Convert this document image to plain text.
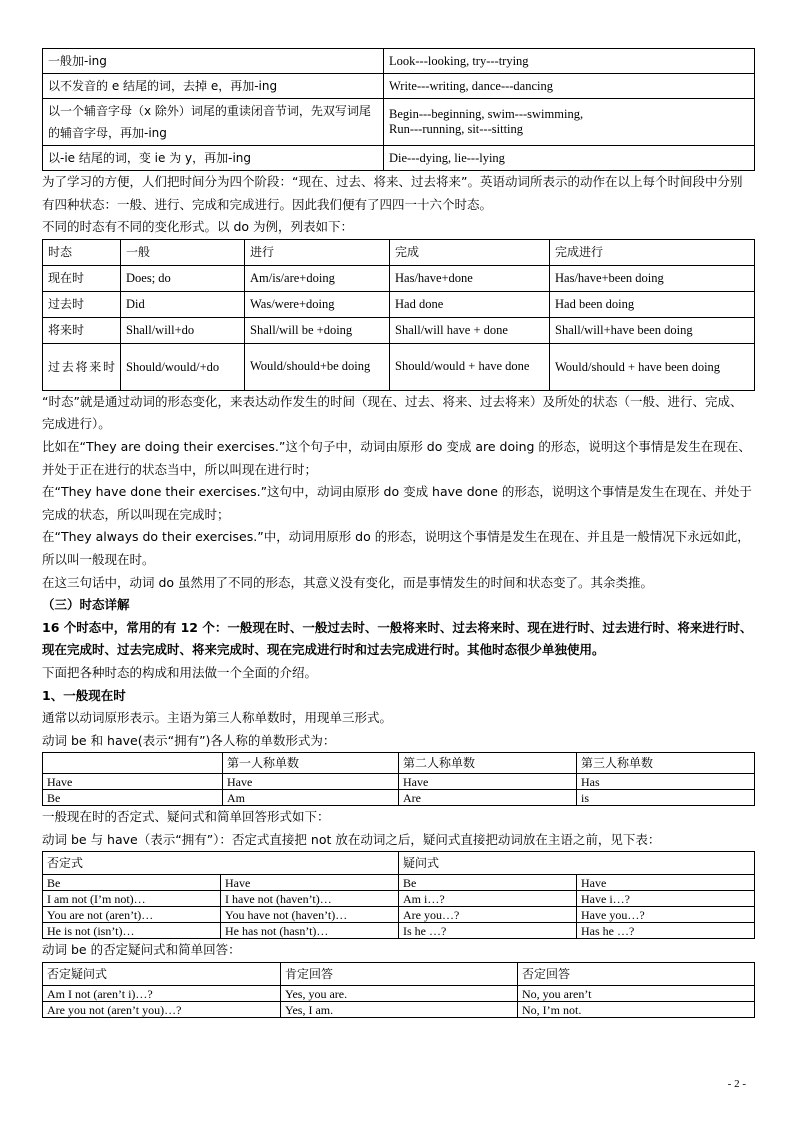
一般加-ing	Look---looking, try---trying
以不发音的 e 结尾的词，去掉 e，再加-ing	Write---writing, dance---dancing
以一个辅音字母（x 除外）词尾的重读闭音节词，先双写词尾的辅音字母，再加-ing	Begin---beginning, swim---swimming,
Run---running, sit---sitting

以-ie 结尾的词，变 ie 为 y，再加-ing	Die---dying, lie---lying

为了学习的方便，人们把时间分为四个阶段：“现在、过去、将来、过去将来”。英语动词所表示的动作在以上每个时间段中分别有四种状态：一般、进行、完成和完成进行。因此我们便有了四四一十六个时态。

不同的时态有不同的变化形式。以 do 为例，列表如下：

时态	一般	进行	完成	完成进行
现在时	Does; do	Am/is/are+doing	Has/have+done	Has/have+been doing
过去时	Did	Was/were+doing	Had done	Had been doing
将来时	Shall/will+do	Shall/will be +doing	Shall/will have + done	Shall/will+have been doing
过去将来时	Should/would/+do	Would/should+be doing	Should/would + have done	Would/should + have been doing

“时态”就是通过动词的形态变化，来表达动作发生的时间（现在、过去、将来、过去将来）及所处的状态（一般、进行、完成、完成进行）。

比如在“They are doing their exercises.”这个句子中，动词由原形 do 变成 are doing 的形态，说明这个事情是发生在现在、并处于正在进行的状态当中，所以叫现在进行时；

在“They have done their exercises.”这句中，动词由原形 do 变成 have done 的形态，说明这个事情是发生在现在、并处于完成的状态，所以叫现在完成时；

在“They always do their exercises.”中，动词用原形 do 的形态，说明这个事情是发生在现在、并且是一般情况下永远如此，所以叫一般现在时。

在这三句话中，动词 do 虽然用了不同的形态，其意义没有变化，而是事情发生的时间和状态变了。其余类推。

（三）时态详解

16 个时态中，常用的有 12 个：一般现在时、一般过去时、一般将来时、过去将来时、现在进行时、过去进行时、将来进行时、现在完成时、过去完成时、将来完成时、现在完成进行时和过去完成进行时。其他时态很少单独使用。

下面把各种时态的构成和用法做一个全面的介绍。

1、一般现在时

通常以动词原形表示。主语为第三人称单数时，用现单三形式。

动词 be 和 have(表示“拥有”)各人称的单数形式为：

	第一人称单数	第二人称单数	第三人称单数
Have	Have	Have	Has
Be	Am	Are	is

一般现在时的否定式、疑问式和简单回答形式如下：

动词 be 与 have（表示“拥有”）：否定式直接把 not 放在动词之后，疑问式直接把动词放在主语之前，见下表：

否定式		疑问式	
Be	Have	Be	Have
I am not (I’m not)…	I have not (haven’t)…	Am i…?	Have i…?
You are not (aren’t)…	You have not (haven’t)…	Are you…?	Have you…?
He is not (isn’t)…	He has not (hasn’t)…	Is he …?	Has he …?

动词 be 的否定疑问式和简单回答：

否定疑问式	肯定回答	否定回答
Am I not (aren’t i)…?	Yes, you are.	No, you aren’t
Are you not (aren’t you)…?	Yes, I am.	No, I’m not.
- 2 -
